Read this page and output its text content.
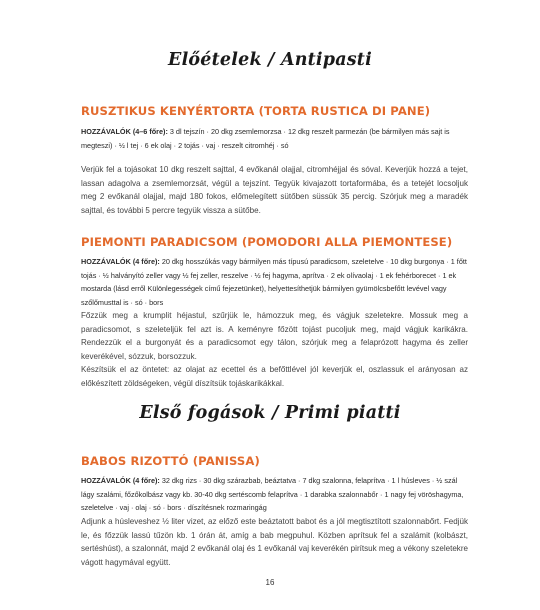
Előételek / Antipasti
RUSZTIKUS KENYÉRTORTA (TORTA RUSTICA DI PANE)
HOZZÁVALÓK (4–6 főre): 3 dl tejszín · 20 dkg zsemlemorzsa · 12 dkg reszelt parmezán (be bármilyen más sajt is megteszi) · ½ l tej · 6 ek olaj · 2 tojás · vaj · reszelt citromhéj · só
Verjük fel a tojásokat 10 dkg reszelt sajttal, 4 evőkanál olajjal, citromhéjjal és sóval. Keverjük hozzá a tejet, lassan adagolva a zsemlemorzsát, végül a tejszínt. Tegyük kivajazott tortaformába, és a tetejét locsoljuk meg 2 evőkanál olajjal, majd 180 fokos, előmelegített sütőben süssük 35 percig. Szórjuk meg a maradék sajttal, és további 5 percre tegyük vissza a sütőbe.
PIEMONTI PARADICSOM (POMODORI ALLA PIEMONTESE)
HOZZÁVALÓK (4 főre): 20 dkg hosszúkás vagy bármilyen más típusú paradicsom, szeletelve · 10 dkg burgonya · 1 főtt tojás · ½ halványító zeller vagy ½ fej zeller, reszelve · ½ fej hagyma, aprítva · 2 ek olívaolaj · 1 ek fehérborecet · 1 ek mostarda (lásd erről Különlegességek című fejezetünket), helyettesíthetjük bármilyen gyümölcsbefőtt levével vagy szőlőmusttal is · só · bors
Főzzük meg a krumplit héjastul, szűrjük le, hámozzuk meg, és vágjuk szeletekre. Mossuk meg a paradicsomot, s szeleteljük fel azt is. A keményre főzött tojást pucoljuk meg, majd vágjuk karikákra. Rendezzük el a burgonyát és a paradicsomot egy tálon, szórjuk meg a felaprózott hagyma és zeller keverékével, sózzuk, borsozzuk.
Készítsük el az öntetet: az olajat az ecettel és a befőttlével jól keverjük el, oszlassuk el arányosan az előkészített zöldségeken, végül díszítsük tojáskarikákkal.
Első fogások / Primi piatti
BABOS RIZOTTÓ (PANISSA)
HOZZÁVALÓK (4 főre): 32 dkg rizs · 30 dkg szárazbab, beáztatva · 7 dkg szalonna, felaprítva · 1 l húsleves · ½ szál lágy szalámi, főzőkolbász vagy kb. 30-40 dkg sertéscomb felaprítva · 1 darabka szalonnabőr · 1 nagy fej vöröshagyma, szeletelve · vaj · olaj · só · bors · díszítésnek rozmaringág
Adjunk a húsleveshez ½ liter vizet, az előző este beáztatott babot és a jól megtisztított szalonnabőrt. Fedjük le, és főzzük lassú tűzön kb. 1 órán át, amíg a bab megpuhul. Közben aprítsuk fel a szalámit (kolbászt, sertéshúst), a szalonnát, majd 2 evőkanál olaj és 1 evőkanál vaj keverékén pirítsuk meg a vékony szeletekre vágott hagymával együtt.
16
